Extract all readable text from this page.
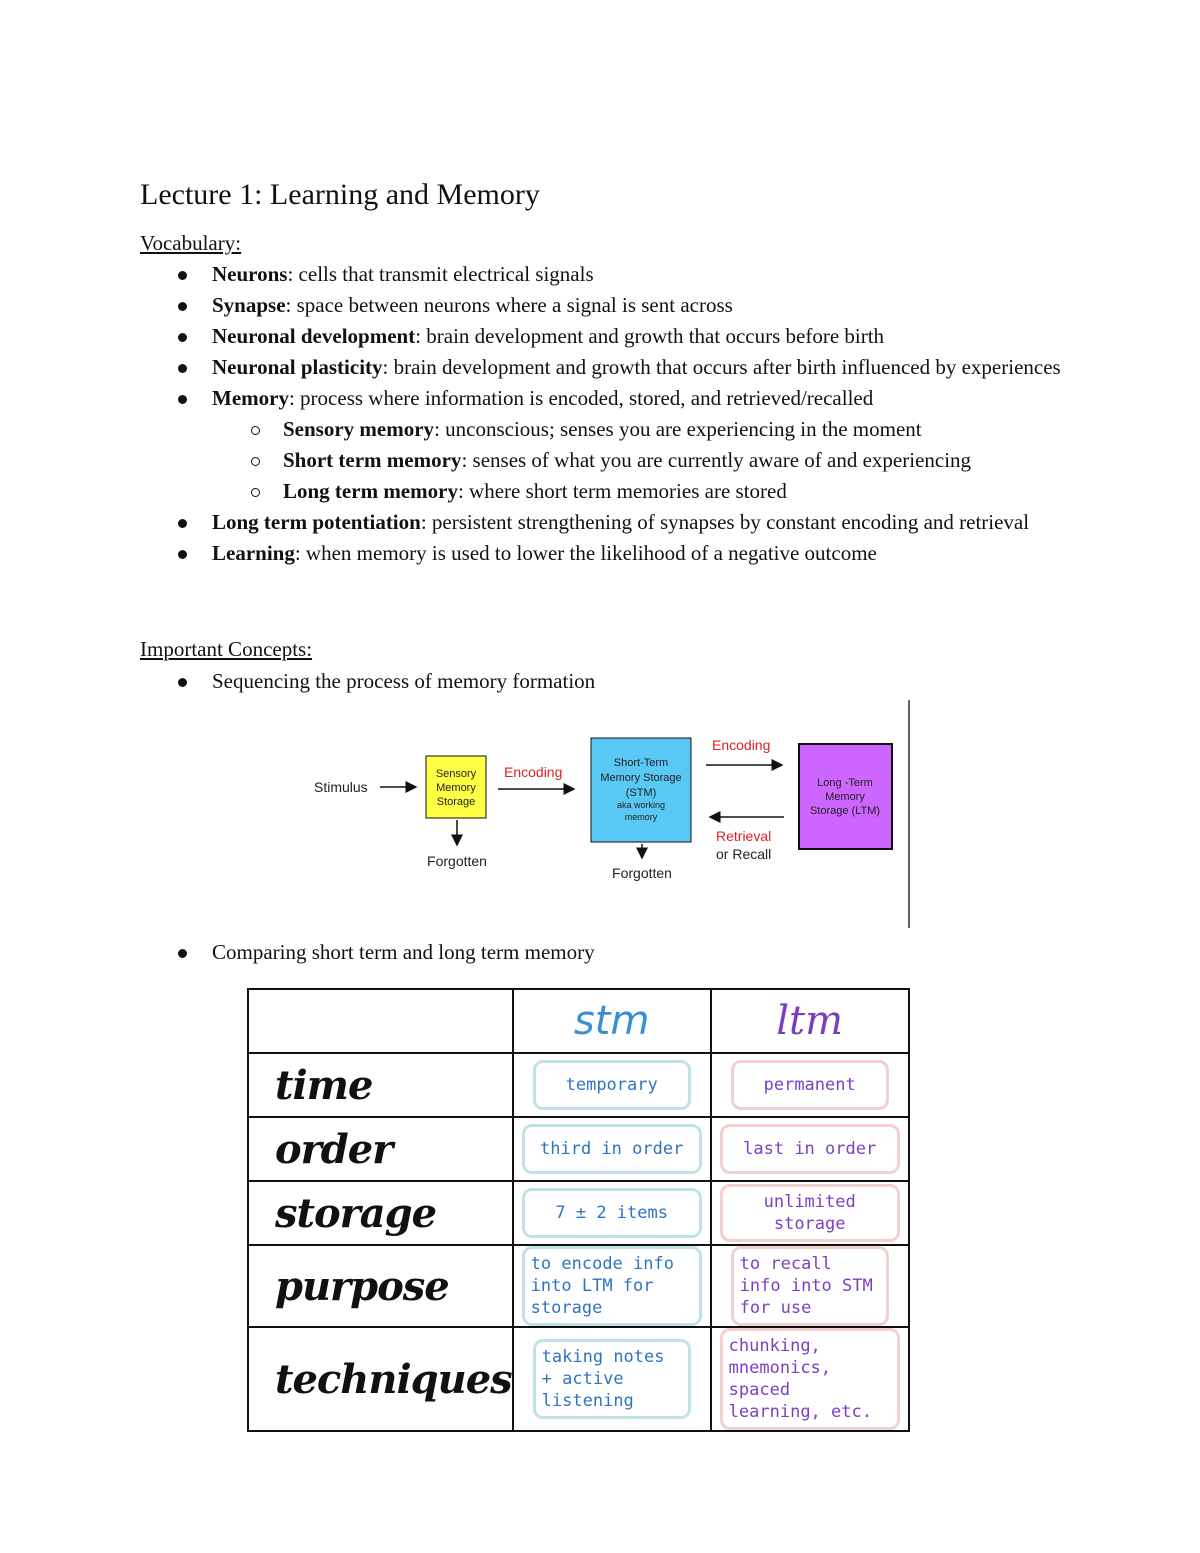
Lecture 1: Learning and Memory
Vocabulary:
Neurons: cells that transmit electrical signals
Synapse: space between neurons where a signal is sent across
Neuronal development: brain development and growth that occurs before birth
Neuronal plasticity: brain development and growth that occurs after birth influenced by experiences
Memory: process where information is encoded, stored, and retrieved/recalled
Sensory memory: unconscious; senses you are experiencing in the moment
Short term memory: senses of what you are currently aware of and experiencing
Long term memory: where short term memories are stored
Long term potentiation: persistent strengthening of synapses by constant encoding and retrieval
Learning: when memory is used to lower the likelihood of a negative outcome
Important Concepts:
Sequencing the process of memory formation
Stimulus
Sensory
Memory
Storage
Forgotten
Encoding
Short-Term
Memory Storage
(STM)
aka working
memory
Forgotten
Encoding
Retrieval
or Recall
Long -Term
Memory
Storage (LTM)
Comparing short term and long term memory
	stm	ltm
time	temporary	permanent
order	third in order	last in order
storage	7 ± 2 items	unlimited storage
purpose	to encode info into LTM for storage	to recall info into STM for use
techniques	taking notes + active listening	chunking, mnemonics, spaced learning, etc.
